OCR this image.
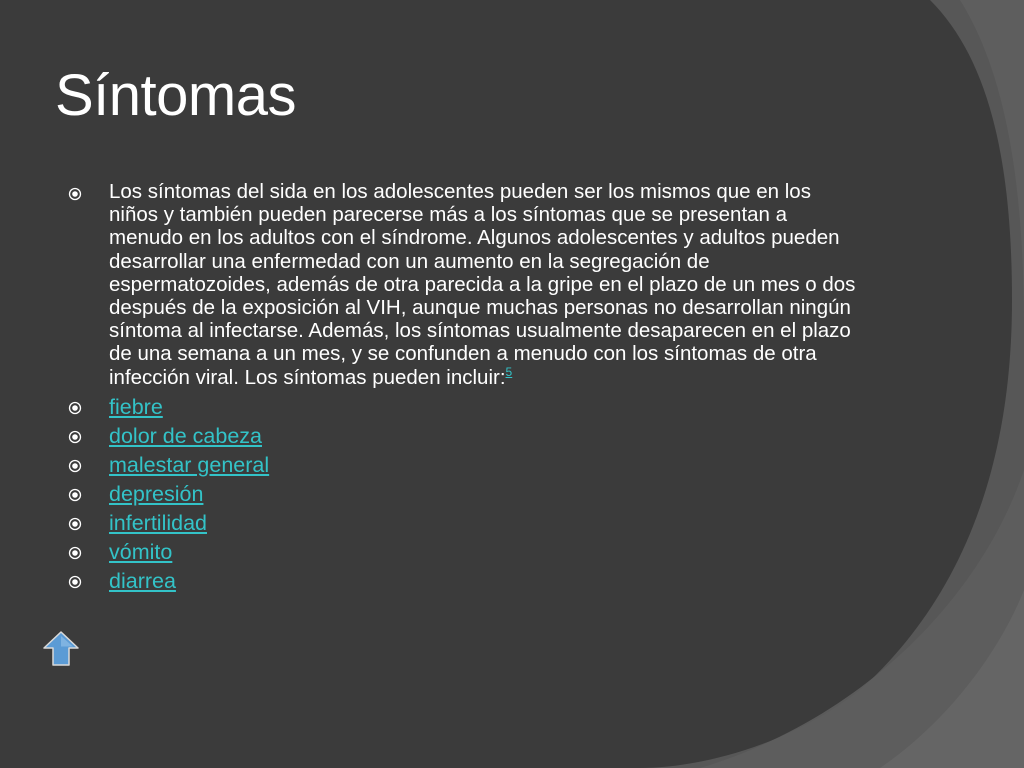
Síntomas
Los síntomas del sida en los adolescentes pueden ser los mismos que en los niños y también pueden parecerse más a los síntomas que se presentan a menudo en los adultos con el síndrome. Algunos adolescentes y adultos pueden desarrollar una enfermedad con un aumento en la segregación de espermatozoides, además de otra parecida a la gripe en el plazo de un mes o dos después de la exposición al VIH, aunque muchas personas no desarrollan ningún síntoma al infectarse. Además, los síntomas usualmente desaparecen en el plazo de una semana a un mes, y se confunden a menudo con los síntomas de otra infección viral. Los síntomas pueden incluir:$^5$
fiebre
dolor de cabeza
malestar general
depresión
infertilidad
vómito
diarrea
